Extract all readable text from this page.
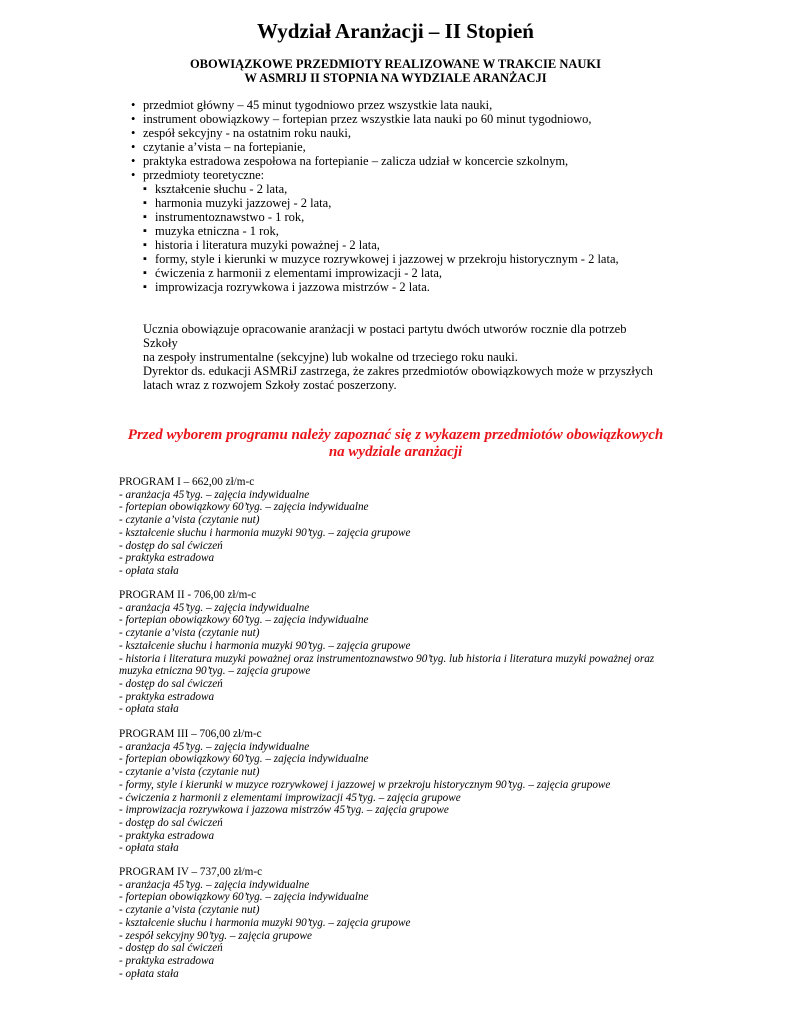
Wydział Aranżacji – II Stopień
OBOWIĄZKOWE PRZEDMIOTY REALIZOWANE W TRAKCIE NAUKI
W ASMRIJ II STOPNIA NA WYDZIALE ARANŻACJI
• przedmiot główny – 45 minut tygodniowo przez wszystkie lata nauki,
• instrument obowiązkowy – fortepian przez wszystkie lata nauki po 60 minut tygodniowo,
• zespół sekcyjny - na ostatnim roku nauki,
• czytanie a’vista – na fortepianie,
• praktyka estradowa zespołowa na fortepianie – zalicza udział w koncercie szkolnym,
• przedmioty teoretyczne:
▪ kształcenie słuchu - 2 lata,
▪ harmonia muzyki jazzowej - 2 lata,
▪ instrumentoznawstwo - 1 rok,
▪ muzyka etniczna - 1 rok,
▪ historia i literatura muzyki poważnej - 2 lata,
▪ formy, style i kierunki w muzyce rozrywkowej i jazzowej w przekroju historycznym - 2 lata,
▪ ćwiczenia z harmonii z elementami improwizacji - 2 lata,
▪ improwizacja rozrywkowa i jazzowa mistrzów - 2 lata.
Ucznia obowiązuje opracowanie aranżacji w postaci partytu dwóch utworów rocznie dla potrzeb Szkoły
na zespoły instrumentalne (sekcyjne) lub wokalne od trzeciego roku nauki.
Dyrektor ds. edukacji ASMRiJ zastrzega, że zakres przedmiotów obowiązkowych może w przyszłych
latach wraz z rozwojem Szkoły zostać poszerzony.
Przed wyborem programu należy zapoznać się z wykazem przedmiotów obowiązkowych
na wydziale aranżacji
PROGRAM I – 662,00 zł/m-c
- aranżacja 45’tyg. – zajęcia indywidualne
- fortepian obowiązkowy 60’tyg. – zajęcia indywidualne
- czytanie a’vista (czytanie nut)
- kształcenie słuchu i harmonia muzyki 90’tyg. – zajęcia grupowe
- dostęp do sal ćwiczeń
- praktyka estradowa
- opłata stała
PROGRAM II - 706,00 zł/m-c
- aranżacja 45’tyg. – zajęcia indywidualne
- fortepian obowiązkowy 60’tyg. – zajęcia indywidualne
- czytanie a’vista (czytanie nut)
- kształcenie słuchu i harmonia muzyki 90’tyg. – zajęcia grupowe
- historia i literatura muzyki poważnej oraz instrumentoznawstwo 90’tyg. lub historia i literatura muzyki poważnej oraz
muzyka etniczna 90’tyg. – zajęcia grupowe
- dostęp do sal ćwiczeń
- praktyka estradowa
- opłata stała
PROGRAM III – 706,00 zł/m-c
- aranżacja 45’tyg. – zajęcia indywidualne
- fortepian obowiązkowy 60’tyg. – zajęcia indywidualne
- czytanie a’vista (czytanie nut)
- formy, style i kierunki w muzyce rozrywkowej i jazzowej w przekroju historycznym 90’tyg. – zajęcia grupowe
- ćwiczenia z harmonii z elementami improwizacji 45’tyg. – zajęcia grupowe
- improwizacja rozrywkowa i jazzowa mistrzów 45’tyg. – zajęcia grupowe
- dostęp do sal ćwiczeń
- praktyka estradowa
- opłata stała
PROGRAM IV – 737,00 zł/m-c
- aranżacja 45’tyg. – zajęcia indywidualne
- fortepian obowiązkowy 60’tyg. – zajęcia indywidualne
- czytanie a’vista (czytanie nut)
- kształcenie słuchu i harmonia muzyki 90’tyg. – zajęcia grupowe
- zespół sekcyjny 90’tyg. – zajęcia grupowe
- dostęp do sal ćwiczeń
- praktyka estradowa
- opłata stała
